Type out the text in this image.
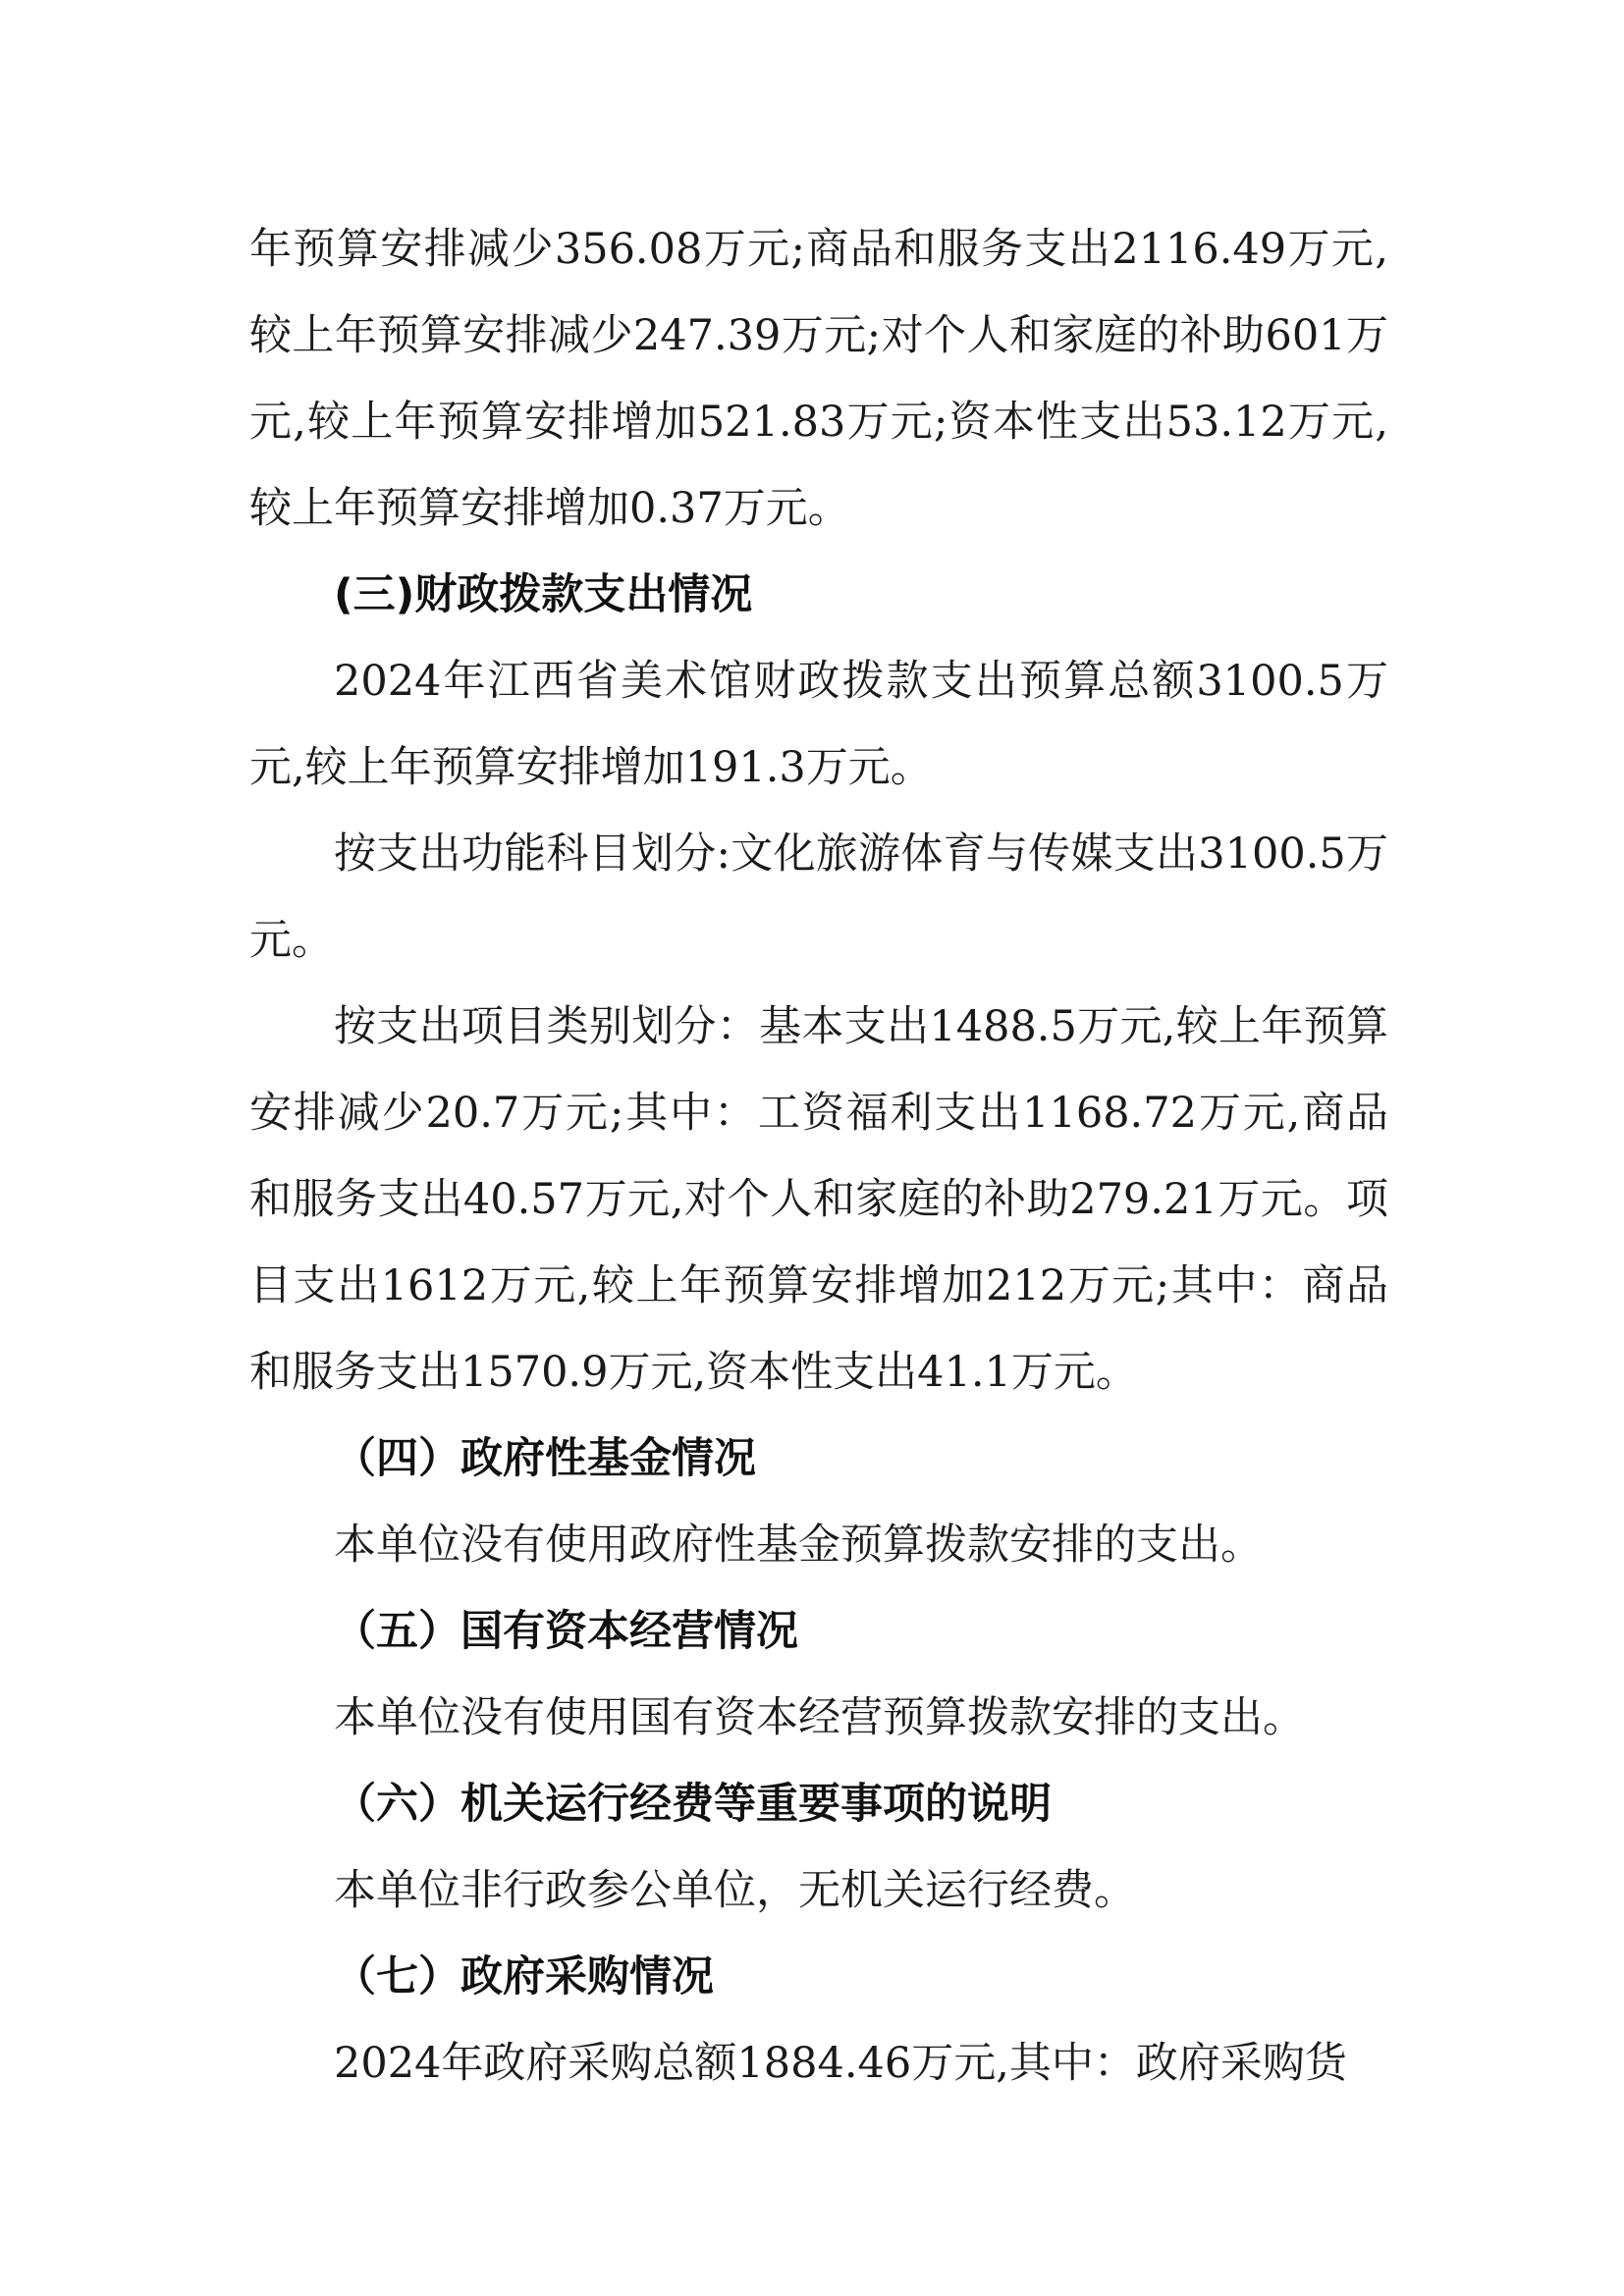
年预算安排减少356.08万元;商品和服务支出2116.49万元,较上年预算安排减少247.39万元;对个人和家庭的补助601万元,较上年预算安排增加521.83万元;资本性支出53.12万元,较上年预算安排增加0.37万元。

(三)财政拨款支出情况

2024年江西省美术馆财政拨款支出预算总额3100.5万元,较上年预算安排增加191.3万元。

按支出功能科目划分:文化旅游体育与传媒支出3100.5万元。

按支出项目类别划分：基本支出1488.5万元,较上年预算安排减少20.7万元;其中：工资福利支出1168.72万元,商品和服务支出40.57万元,对个人和家庭的补助279.21万元。项目支出1612万元,较上年预算安排增加212万元;其中：商品和服务支出1570.9万元,资本性支出41.1万元。

（四）政府性基金情况

本单位没有使用政府性基金预算拨款安排的支出。

（五）国有资本经营情况

本单位没有使用国有资本经营预算拨款安排的支出。

（六）机关运行经费等重要事项的说明

本单位非行政参公单位，无机关运行经费。

（七）政府采购情况

2024年政府采购总额1884.46万元,其中：政府采购货
